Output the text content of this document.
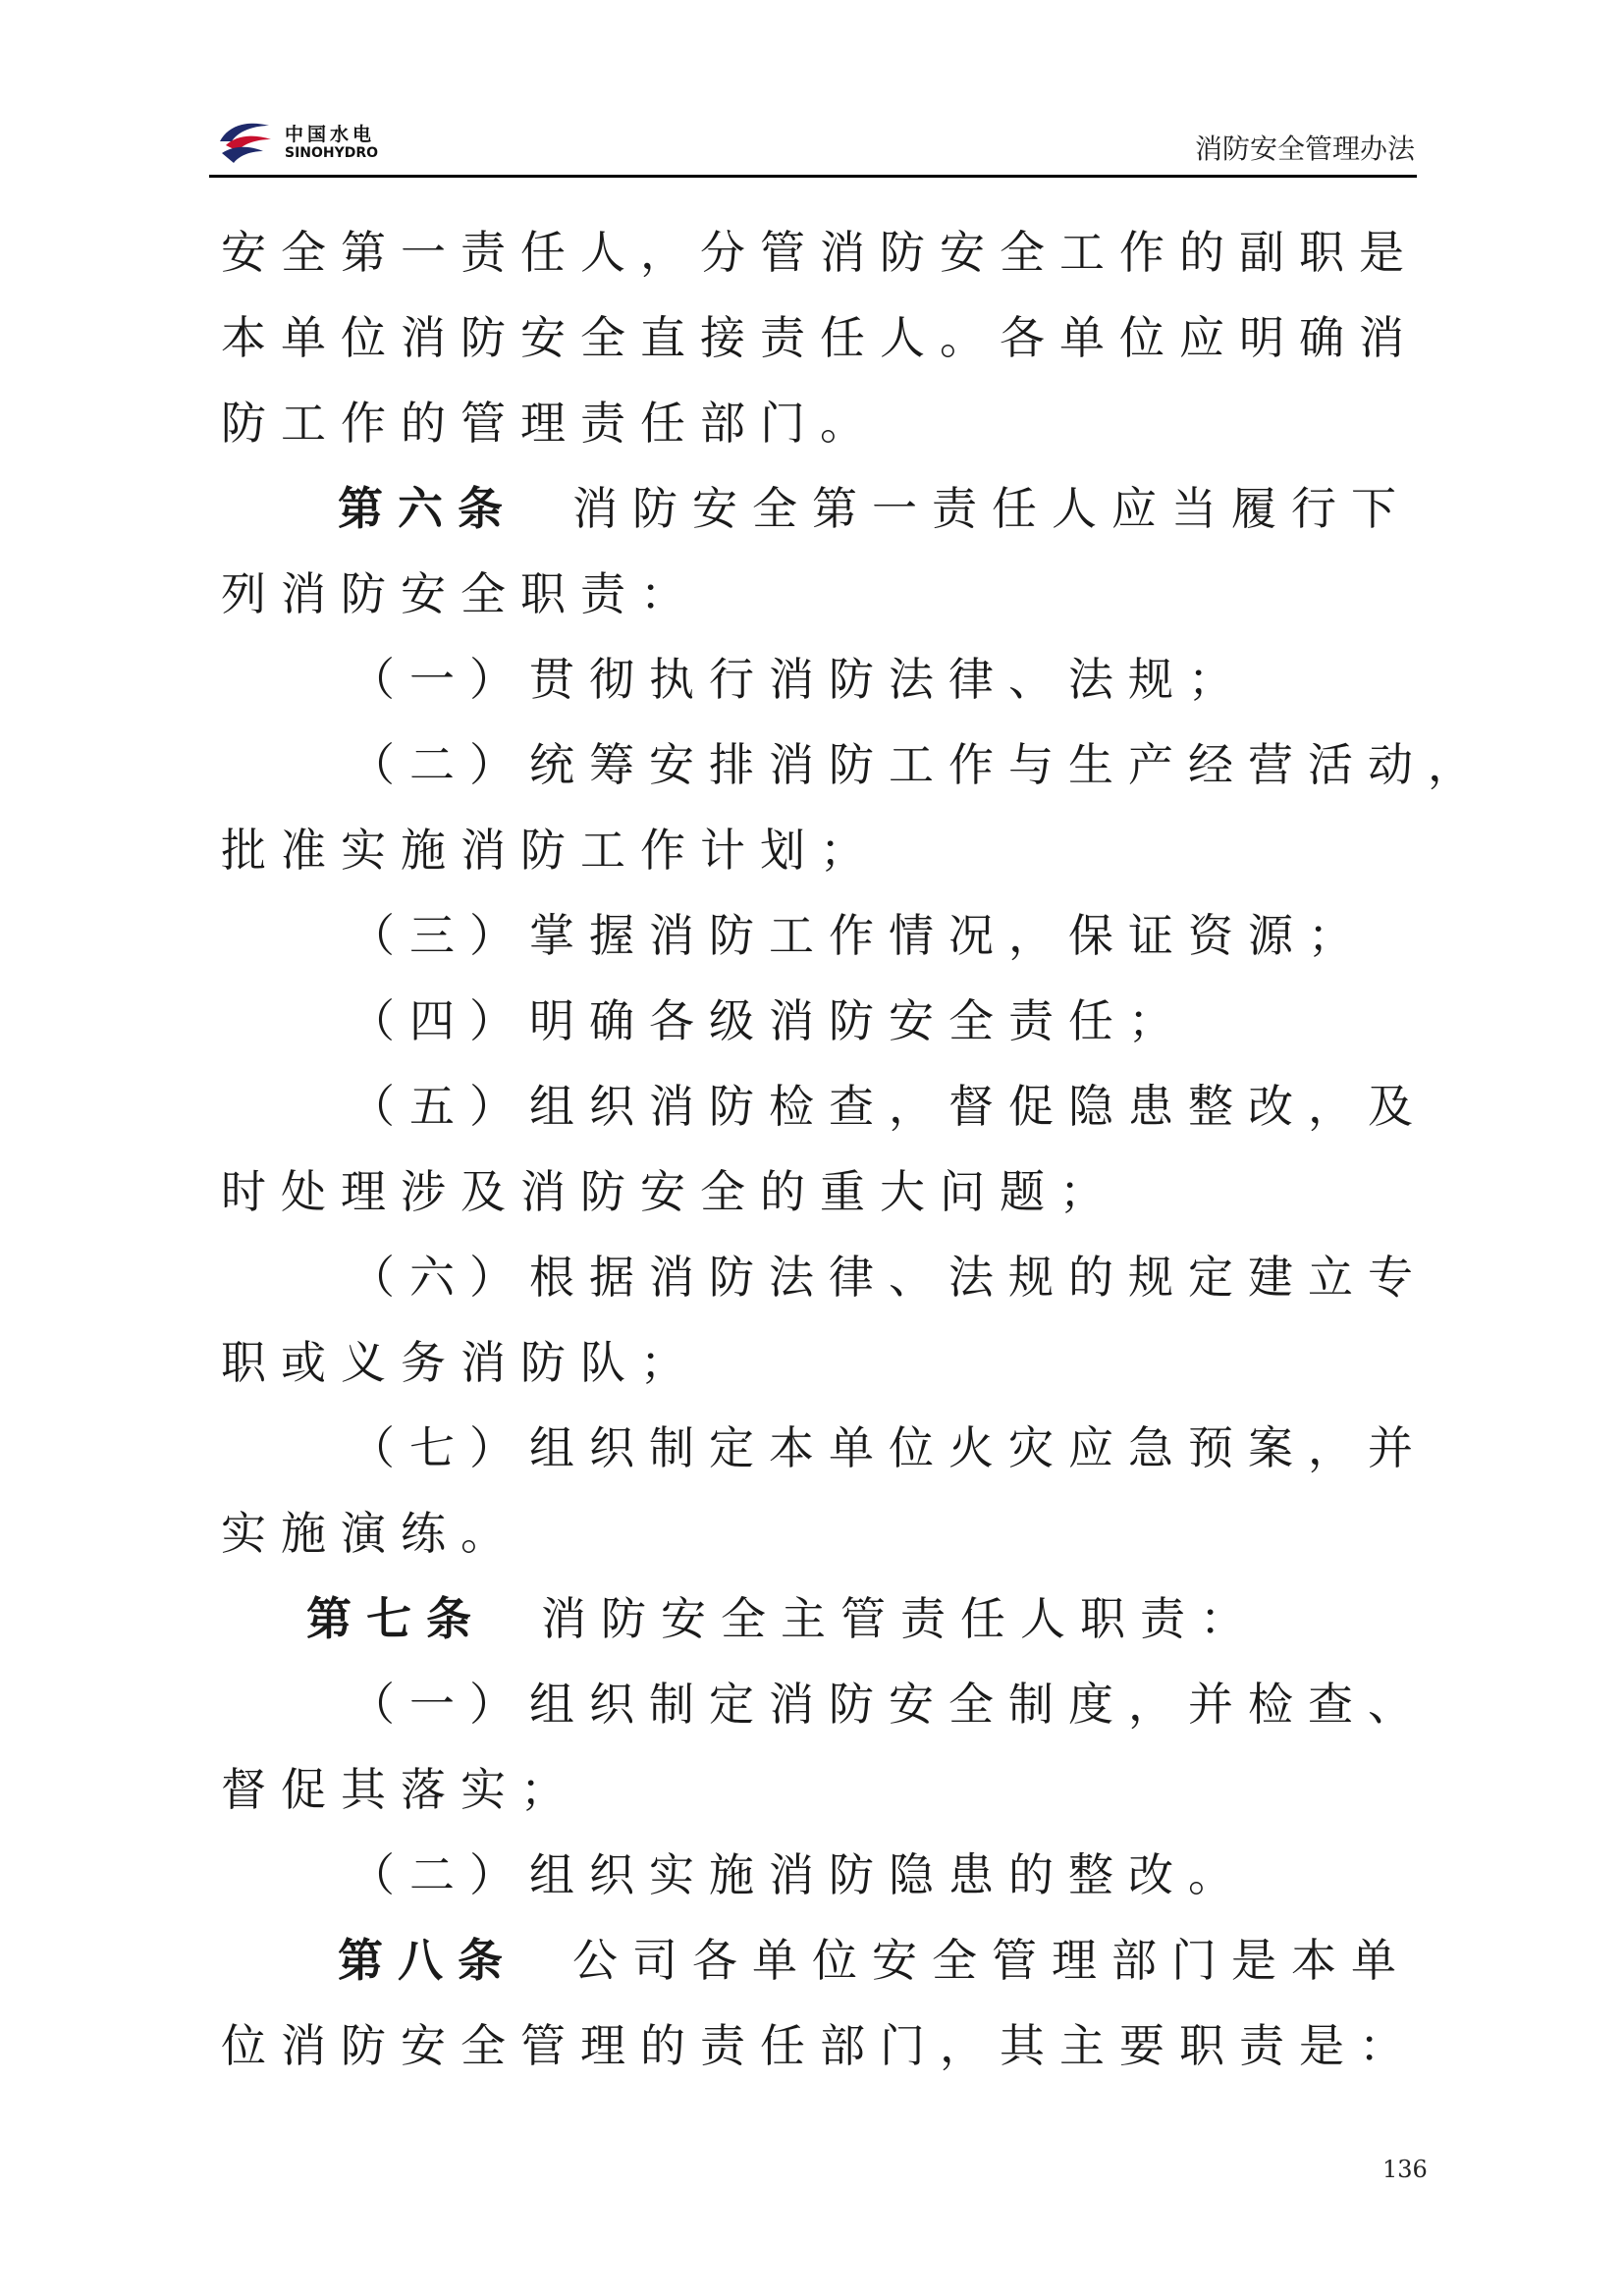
中国水电
SINOHYDRO	消防安全管理办法
安全第一责任人，分管消防安全工作的副职是
本单位消防安全直接责任人。各单位应明确消
防工作的管理责任部门。
第六条 消防安全第一责任人应当履行下
列消防安全职责：
（一）贯彻执行消防法律、法规；
（二）统筹安排消防工作与生产经营活动，
批准实施消防工作计划；
（三）掌握消防工作情况，保证资源；
（四）明确各级消防安全责任；
（五）组织消防检查，督促隐患整改，及
时处理涉及消防安全的重大问题；
（六）根据消防法律、法规的规定建立专
职或义务消防队；
（七）组织制定本单位火灾应急预案，并
实施演练。
第七条 消防安全主管责任人职责：
（一）组织制定消防安全制度，并检查、
督促其落实；
（二）组织实施消防隐患的整改。
第八条 公司各单位安全管理部门是本单
位消防安全管理的责任部门，其主要职责是：
136
